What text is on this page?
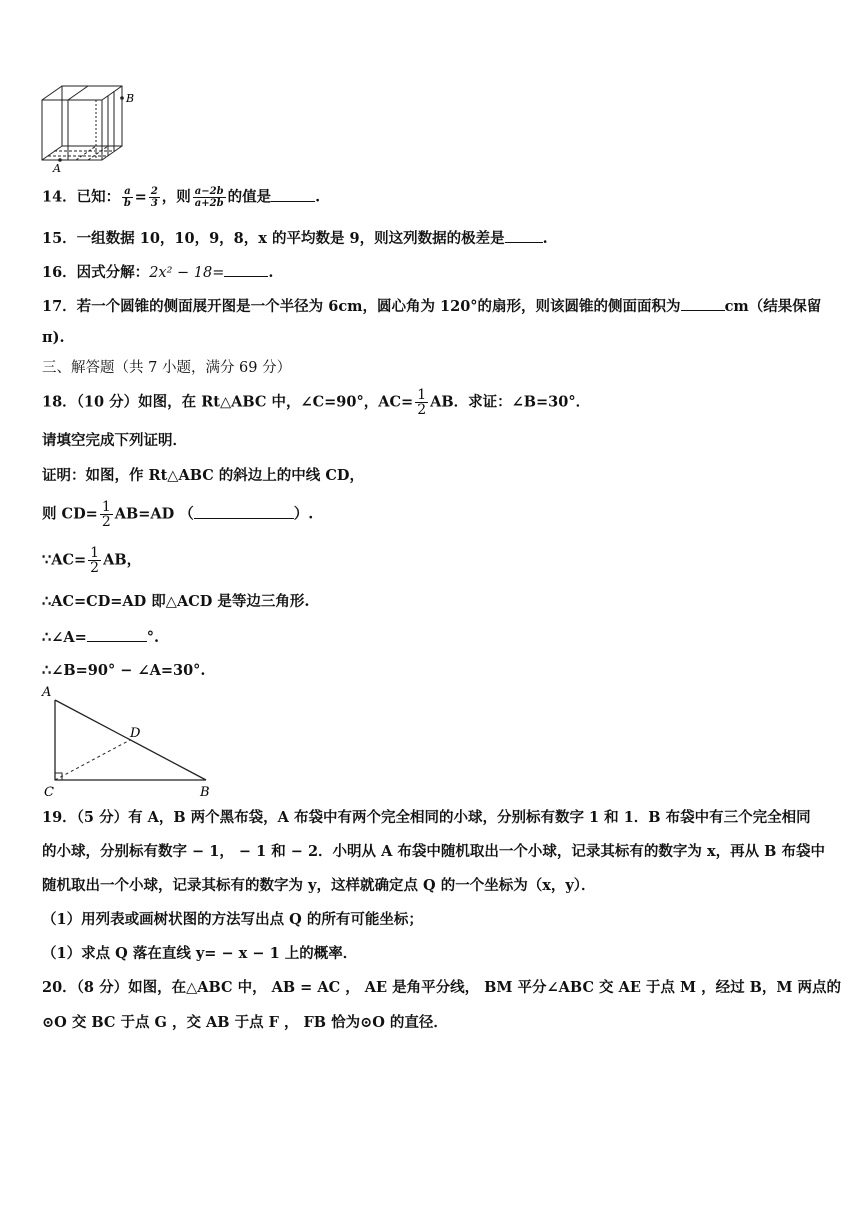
B
A
14．已知： $\frac{a}{b} = \frac{2}{3}$ ，则 $\frac{a-2b}{a+2b}$ 的值是	.
15．一组数据 10，10，9，8，x 的平均数是 9，则这列数据的极差是	.
16．因式分解：2x² − 18=	.
17．若一个圆锥的侧面展开图是一个半径为 6cm，圆心角为 120°的扇形，则该圆锥的侧面面积为	cm（结果保留
π).
三、解答题（共 7 小题，满分 69 分）
18．（10 分）如图，在 Rt△ABC 中，∠C=90°，$AC= \frac{1}{2}$ AB．求证：∠B=30°．
请填空完成下列证明．
证明：如图，作 Rt△ABC 的斜边上的中线 CD，
则 $CD= \frac{1}{2} AB=AD$ （	）.
∵AC= $\frac{1}{2}$ AB，
∴AC=CD=AD 即△ACD 是等边三角形.
∴∠A=	°.
∴∠B=90° − ∠A=30°.
A
D
C	B
19．（5 分）有 A，B 两个黑布袋，A 布袋中有两个完全相同的小球，分别标有数字 1 和 1．B 布袋中有三个完全相同
的小球，分别标有数字 − 1， − 1 和 − 2．小明从 A 布袋中随机取出一个小球，记录其标有的数字为 x，再从 B 布袋中
随机取出一个小球，记录其标有的数字为 y，这样就确定点 Q 的一个坐标为（x，y）．
（1）用列表或画树状图的方法写出点 Q 的所有可能坐标；
（1）求点 Q 落在直线 y= − x − 1 上的概率．
20．（8 分）如图，在△ABC 中， AB = AC ， AE 是角平分线， BM 平分∠ABC 交 AE 于点 M ，经过 B，M 两点的
⊙O 交 BC 于点 G ，交 AB 于点 F ， FB 恰为⊙O 的直径．
